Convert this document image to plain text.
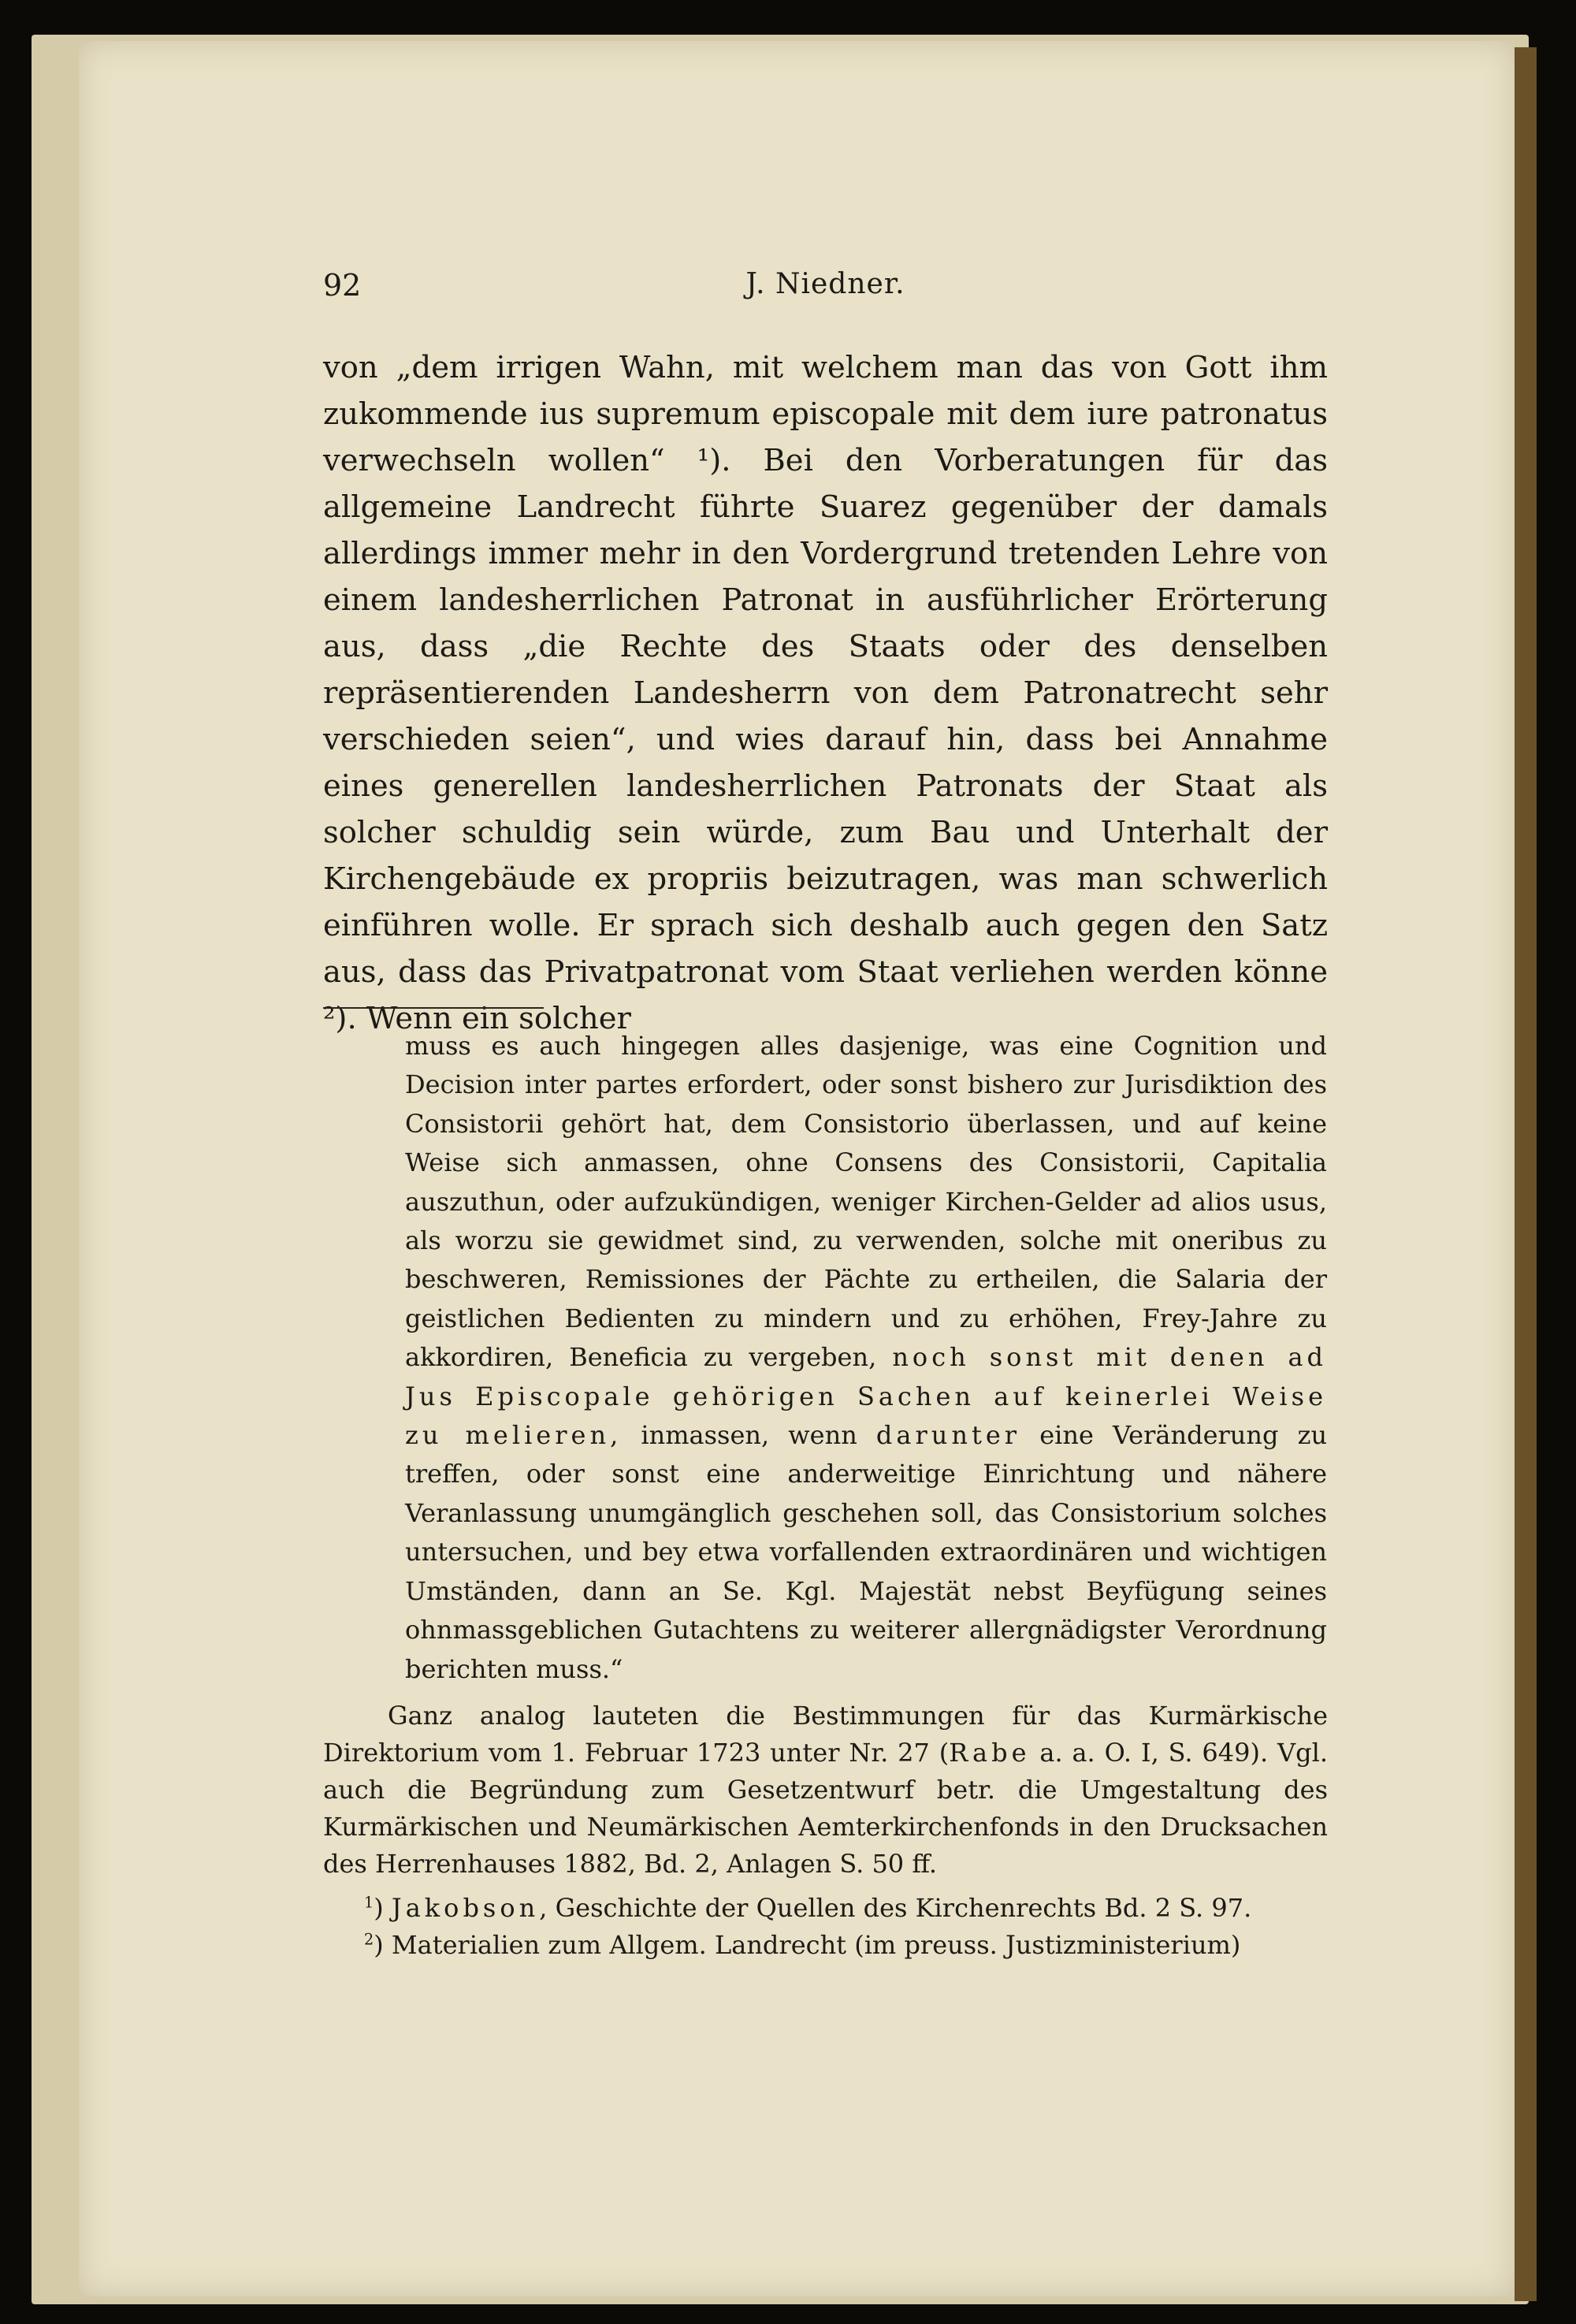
92	J. Niedner.

von „dem irrigen Wahn, mit welchem man das von Gott ihm zukommende ius supremum episcopale mit dem iure patronatus verwechseln wollen“ ¹). Bei den Vorberatungen für das allgemeine Landrecht führte Suarez gegenüber der damals allerdings immer mehr in den Vordergrund tretenden Lehre von einem landesherrlichen Patronat in ausführlicher Erörterung aus, dass „die Rechte des Staats oder des denselben repräsentierenden Landesherrn von dem Patronatrecht sehr verschieden seien“, und wies darauf hin, dass bei Annahme eines generellen landesherrlichen Patronats der Staat als solcher schuldig sein würde, zum Bau und Unterhalt der Kirchengebäude ex propriis beizutragen, was man schwerlich einführen wolle. Er sprach sich deshalb auch gegen den Satz aus, dass das Privatpatronat vom Staat verliehen werden könne ²). Wenn ein solcher

muss es auch hingegen alles dasjenige, was eine Cognition und Decision inter partes erfordert, oder sonst bishero zur Jurisdiktion des Consistorii gehört hat, dem Consistorio überlassen, und auf keine Weise sich anmassen, ohne Consens des Consistorii, Capitalia auszuthun, oder aufzukündigen, weniger Kirchen-Gelder ad alios usus, als worzu sie gewidmet sind, zu verwenden, solche mit oneribus zu beschweren, Remissiones der Pächte zu ertheilen, die Salaria der geistlichen Bedienten zu mindern und zu erhöhen, Frey-Jahre zu akkordiren, Beneficia zu vergeben, noch sonst mit denen ad Jus Episcopale gehörigen Sachen auf keinerlei Weise zu melieren, inmassen, wenn darunter eine Veränderung zu treffen, oder sonst eine anderweitige Einrichtung und nähere Veranlassung unumgänglich geschehen soll, das Consistorium solches untersuchen, und bey etwa vorfallenden extraordinären und wichtigen Umständen, dann an Se. Kgl. Majestät nebst Beyfügung seines ohnmassgeblichen Gutachtens zu weiterer allergnädigster Verordnung berichten muss.“

Ganz analog lauteten die Bestimmungen für das Kurmärkische Direktorium vom 1. Februar 1723 unter Nr. 27 (Rabe a. a. O. I, S. 649). Vgl. auch die Begründung zum Gesetzentwurf betr. die Umgestaltung des Kurmärkischen und Neumärkischen Aemterkirchenfonds in den Drucksachen des Herrenhauses 1882, Bd. 2, Anlagen S. 50 ff.

$^1$) Jakobson, Geschichte der Quellen des Kirchenrechts Bd. 2 S. 97.

$^2$) Materialien zum Allgem. Landrecht (im preuss. Justizministerium)
